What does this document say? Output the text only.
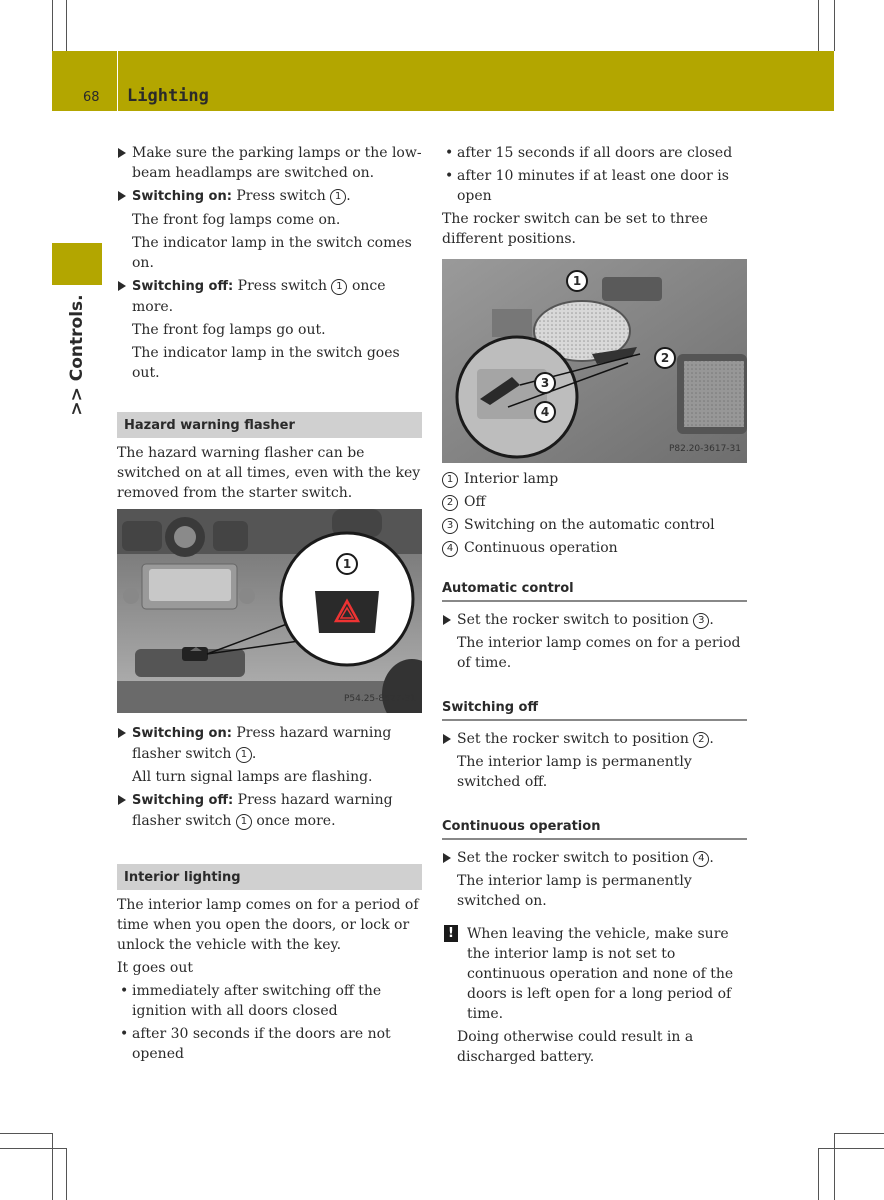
68 Lighting
>> Controls.
Make sure the parking lamps or the low-beam headlamps are switched on.
Switching on: Press switch 1 .
The front fog lamps come on.
The indicator lamp in the switch comes on.
Switching off: Press switch 1 once more.
The front fog lamps go out.
The indicator lamp in the switch goes out.
Hazard warning flasher
The hazard warning flasher can be switched on at all times, even with the key removed from the starter switch.
1
P54.25-8527-31
Switching on: Press hazard warning flasher switch 1 .
All turn signal lamps are flashing.
Switching off: Press hazard warning flasher switch 1 once more.
Interior lighting
The interior lamp comes on for a period of time when you open the doors, or lock or unlock the vehicle with the key.
It goes out
• immediately after switching off the ignition with all doors closed
• after 30 seconds if the doors are not opened
• after 15 seconds if all doors are closed
• after 10 minutes if at least one door is open
The rocker switch can be set to three different positions.
1
2
3
4
P82.20-3617-31
1 Interior lamp
2 Off
3 Switching on the automatic control
4 Continuous operation
Automatic control
Set the rocker switch to position 3 .
The interior lamp comes on for a period of time.
Switching off
Set the rocker switch to position 2 .
The interior lamp is permanently switched off.
Continuous operation
Set the rocker switch to position 4 .
The interior lamp is permanently switched on.
! When leaving the vehicle, make sure the interior lamp is not set to continuous operation and none of the doors is left open for a long period of time.
Doing otherwise could result in a discharged battery.
